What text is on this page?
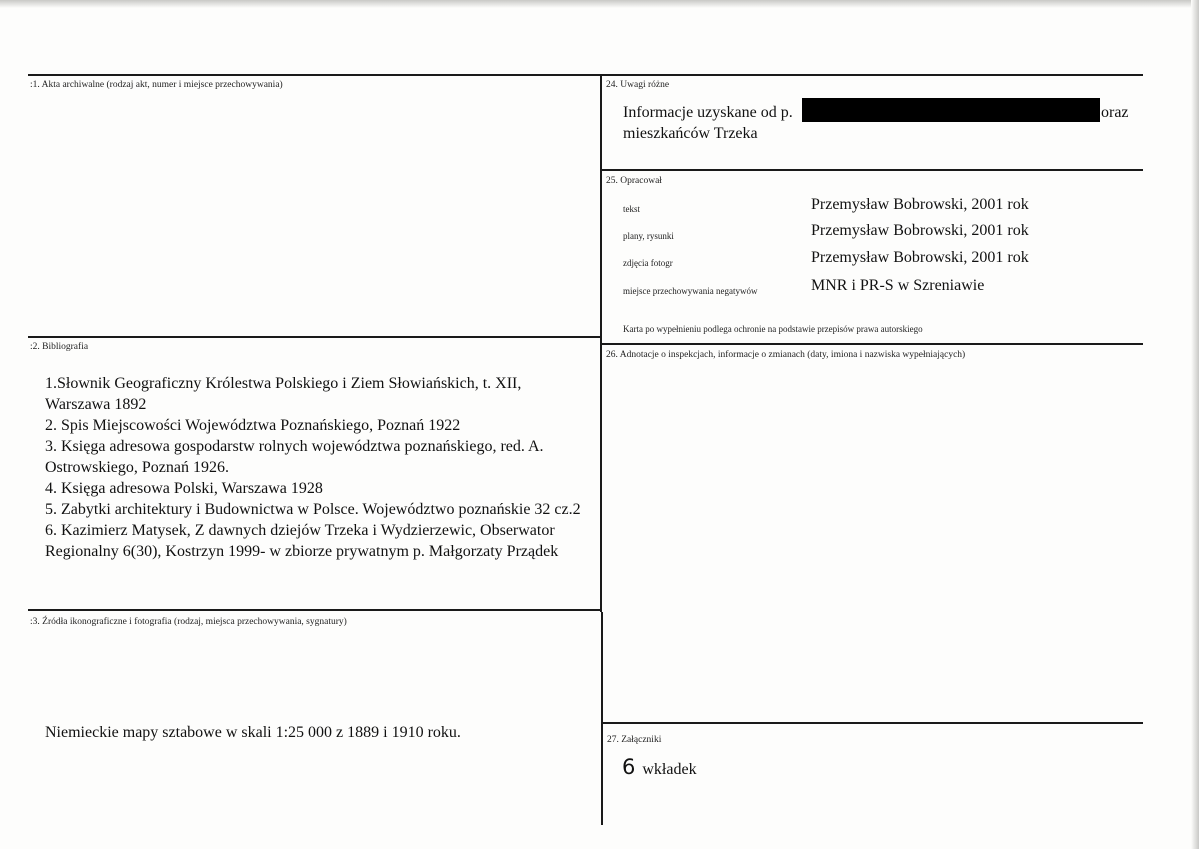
:1. Akta archiwalne (rodzaj akt, numer i miejsce przechowywania)
:2. Bibliografia

1.Słownik Geograficzny Królestwa Polskiego i Ziem Słowiańskich, t. XII, Warszawa 1892

2. Spis Miejscowości Województwa Poznańskiego, Poznań 1922

3. Księga adresowa gospodarstw rolnych województwa poznańskiego, red. A. Ostrowskiego, Poznań 1926.

4. Księga adresowa Polski, Warszawa 1928

5. Zabytki architektury i Budownictwa w Polsce. Województwo poznańskie 32 cz.2

6. Kazimierz Matysek, Z dawnych dziejów Trzeka i Wydzierzewic, Obserwator Regionalny 6(30), Kostrzyn 1999- w zbiorze prywatnym p. Małgorzaty Prządek

:3. Źródła ikonograficzne i fotografia (rodzaj, miejsca przechowywania, sygnatury)
Niemieckie mapy sztabowe w skali 1:25 000 z 1889 i 1910 roku.
24. Uwagi różne
Informacje uzyskane od p.	oraz
mieszkańców Trzeka
25. Opracował
tekst	Przemysław Bobrowski, 2001 rok
plany, rysunki	Przemysław Bobrowski, 2001 rok
zdjęcia fotogr	Przemysław Bobrowski, 2001 rok
miejsce przechowywania negatywów	MNR i PR-S w Szreniawie
Karta po wypełnieniu podlega ochronie na podstawie przepisów prawa autorskiego
26. Adnotacje o inspekcjach, informacje o zmianach (daty, imiona i nazwiska wypełniających)
27. Załączniki
6 wkładek
